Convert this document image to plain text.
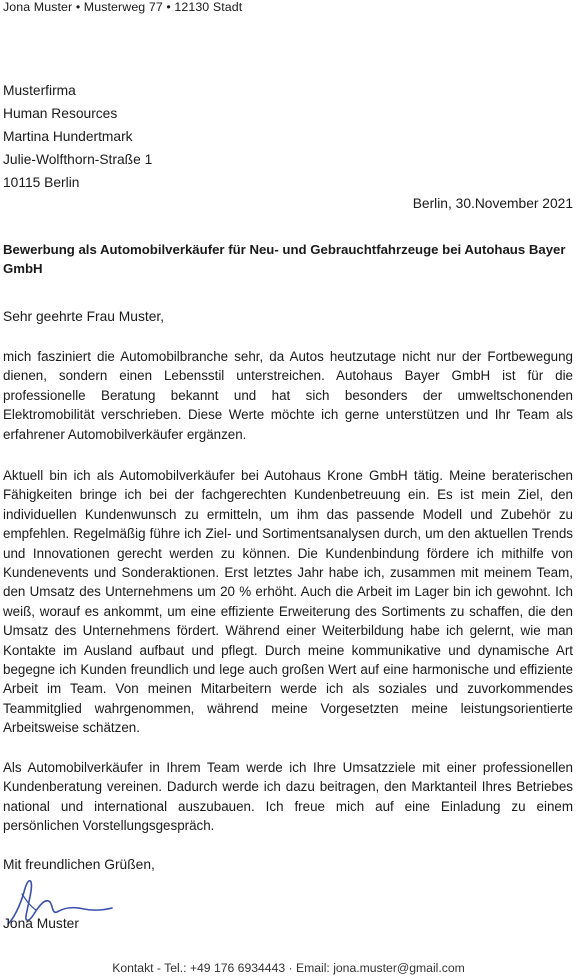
Jona Muster • Musterweg 77 • 12130 Stadt
Musterfirma
Human Resources
Martina Hundertmark
Julie-Wolfthorn-Straße 1
10115 Berlin
Berlin, 30.November 2021
Bewerbung als Automobilverkäufer für Neu- und Gebrauchtfahrzeuge bei Autohaus Bayer GmbH
Sehr geehrte Frau Muster,
mich fasziniert die Automobilbranche sehr, da Autos heutzutage nicht nur der Fortbewegung dienen, sondern einen Lebensstil unterstreichen. Autohaus Bayer GmbH ist für die professionelle Beratung bekannt und hat sich besonders der umweltschonenden Elektromobilität verschrieben. Diese Werte möchte ich gerne unterstützen und Ihr Team als erfahrener Automobilverkäufer ergänzen.
Aktuell bin ich als Automobilverkäufer bei Autohaus Krone GmbH tätig. Meine beraterischen Fähigkeiten bringe ich bei der fachgerechten Kundenbetreuung ein. Es ist mein Ziel, den individuellen Kundenwunsch zu ermitteln, um ihm das passende Modell und Zubehör zu empfehlen. Regelmäßig führe ich Ziel- und Sortimentsanalysen durch, um den aktuellen Trends und Innovationen gerecht werden zu können. Die Kundenbindung fördere ich mithilfe von Kundenevents und Sonderaktionen. Erst letztes Jahr habe ich, zusammen mit meinem Team, den Umsatz des Unternehmens um 20 % erhöht. Auch die Arbeit im Lager bin ich gewohnt. Ich weiß, worauf es ankommt, um eine effiziente Erweiterung des Sortiments zu schaffen, die den Umsatz des Unternehmens fördert. Während einer Weiterbildung habe ich gelernt, wie man Kontakte im Ausland aufbaut und pflegt. Durch meine kommunikative und dynamische Art begegne ich Kunden freundlich und lege auch großen Wert auf eine harmonische und effiziente Arbeit im Team. Von meinen Mitarbeitern werde ich als soziales und zuvorkommendes Teammitglied wahrgenommen, während meine Vorgesetzten meine leistungsorientierte Arbeitsweise schätzen.
Als Automobilverkäufer in Ihrem Team werde ich Ihre Umsatzziele mit einer professionellen Kundenberatung vereinen. Dadurch werde ich dazu beitragen, den Marktanteil Ihres Betriebes national und international auszubauen. Ich freue mich auf eine Einladung zu einem persönlichen Vorstellungsgespräch.
Mit freundlichen Grüßen,
Jona Muster
Kontakt - Tel.: +49 176 6934443 · Email: jona.muster@gmail.com
